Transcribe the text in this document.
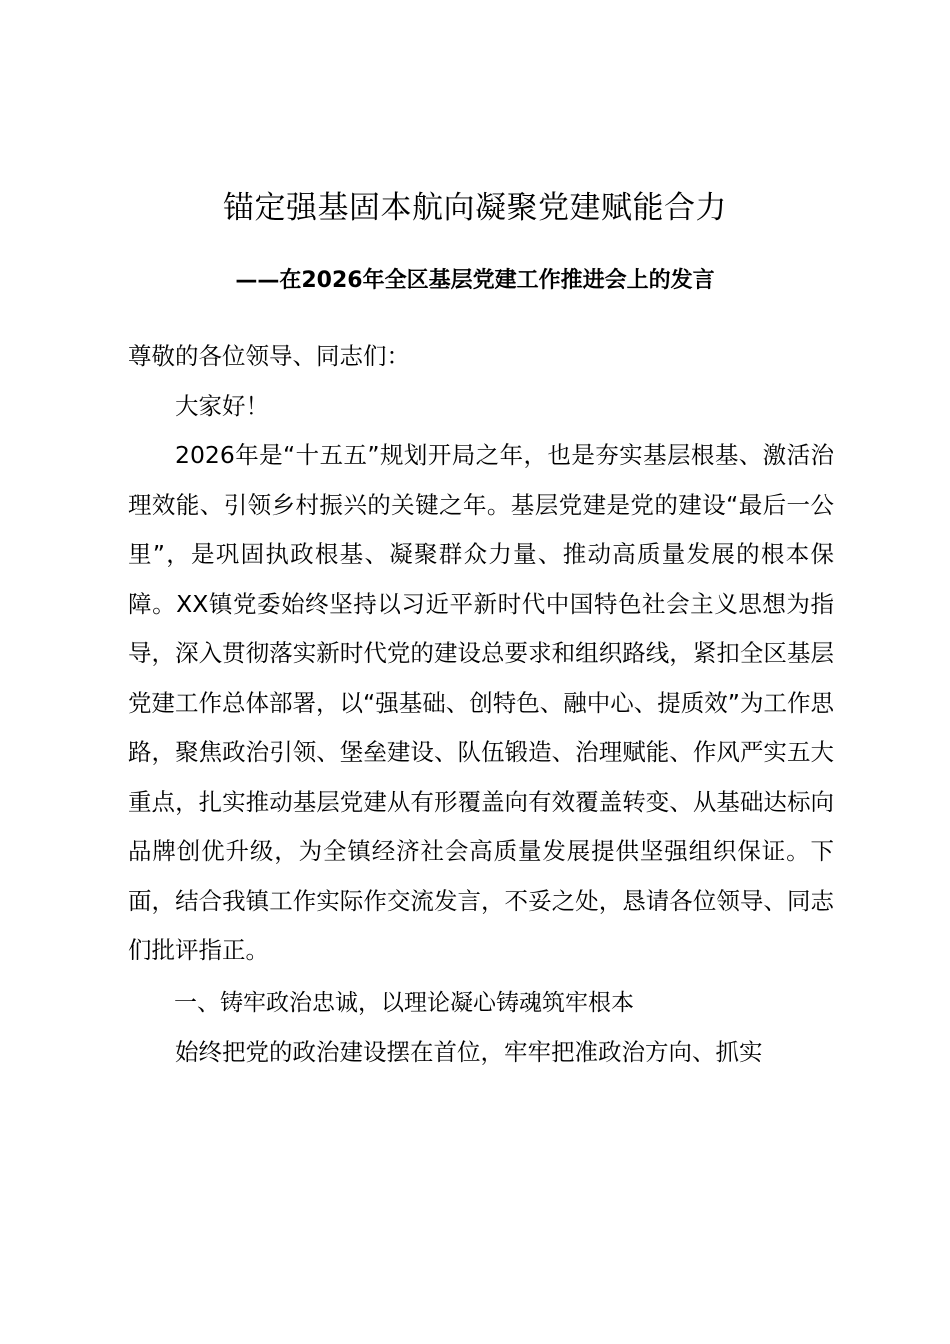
锚定强基固本航向凝聚党建赋能合力
——在2026年全区基层党建工作推进会上的发言

尊敬的各位领导、同志们：

大家好！

2026年是“十五五”规划开局之年，也是夯实基层根基、激活治理效能、引领乡村振兴的关键之年。基层党建是党的建设“最后一公里”，是巩固执政根基、凝聚群众力量、推动高质量发展的根本保障。XX镇党委始终坚持以习近平新时代中国特色社会主义思想为指导，深入贯彻落实新时代党的建设总要求和组织路线，紧扣全区基层党建工作总体部署，以“强基础、创特色、融中心、提质效”为工作思路，聚焦政治引领、堡垒建设、队伍锻造、治理赋能、作风严实五大重点，扎实推动基层党建从有形覆盖向有效覆盖转变、从基础达标向品牌创优升级，为全镇经济社会高质量发展提供坚强组织保证。下面，结合我镇工作实际作交流发言，不妥之处，恳请各位领导、同志们批评指正。

一、铸牢政治忠诚，以理论凝心铸魂筑牢根本

始终把党的政治建设摆在首位，牢牢把准政治方向、抓实
